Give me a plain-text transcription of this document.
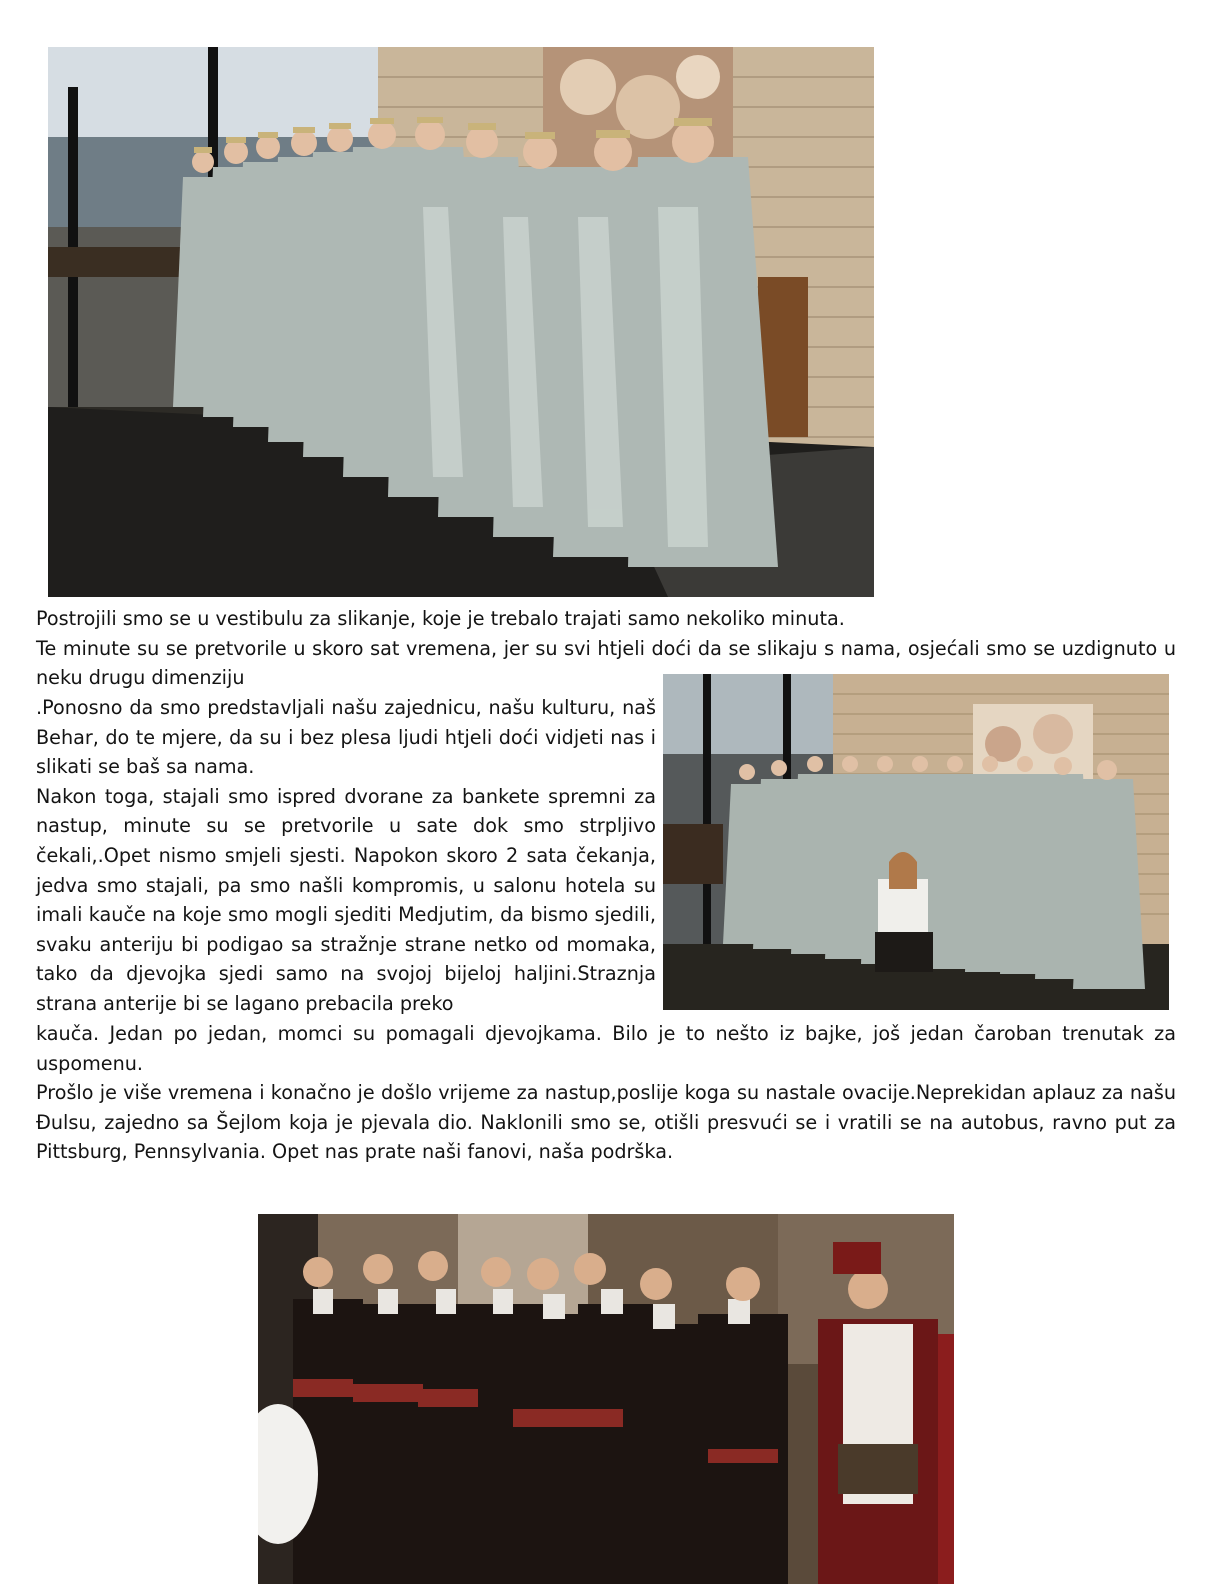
Postrojili smo se u vestibulu za slikanje, koje je trebalo trajati samo nekoliko minuta.

Te minute su se pretvorile u skoro sat vremena, jer su svi htjeli doći da se slikaju s nama, osjećali smo se uzdignuto u neku drugu dimenziju

.Ponosno da smo predstavljali našu zajednicu, našu kulturu, naš Behar, do te mjere, da su i bez plesa ljudi htjeli doći vidjeti nas i slikati se baš sa nama.

Nakon toga, stajali smo ispred dvorane za bankete spremni za nastup, minute su se pretvorile u sate dok smo strpljivo čekali,.Opet nismo smjeli sjesti. Napokon skoro 2 sata čekanja, jedva smo stajali, pa smo našli kompromis, u salonu hotela su imali kauče na koje smo mogli sjediti Medjutim, da bismo sjedili, svaku anteriju bi podigao sa stražnje strane netko od momaka, tako da djevojka sjedi samo na svojoj bijeloj haljini.Straznja strana anterije bi se lagano prebacila preko

kauča. Jedan po jedan, momci su pomagali djevojkama. Bilo je to nešto iz bajke, još jedan čaroban trenutak za uspomenu.

Prošlo je više vremena i konačno je došlo vrijeme za nastup,poslije koga su nastale ovacije.Neprekidan aplauz za našu Đulsu, zajedno sa Šejlom koja je pjevala dio. Naklonili smo se, otišli presvući se i vratili se na autobus, ravno put za Pittsburg, Pennsylvania. Opet nas prate naši fanovi, naša podrška.
